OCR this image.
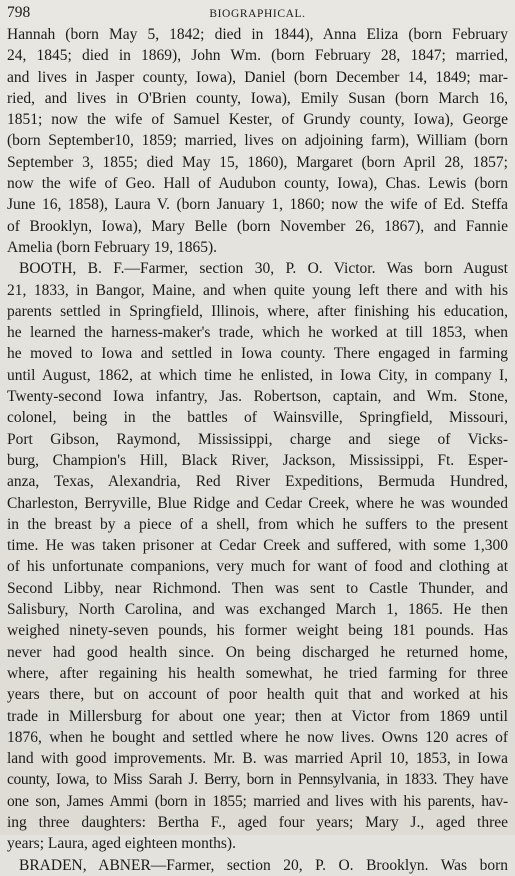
798	BIOGRAPHICAL.
Hannah (born May 5, 1842; died in 1844), Anna Eliza (born February
24, 1845; died in 1869), John Wm. (born February 28, 1847; married,
and lives in Jasper county, Iowa), Daniel (born December 14, 1849; mar-
ried, and lives in O'Brien county, Iowa), Emily Susan (born March 16,
1851; now the wife of Samuel Kester, of Grundy county, Iowa), George
(born September10, 1859; married, lives on adjoining farm), William (born
September 3, 1855; died May 15, 1860), Margaret (born April 28, 1857;
now the wife of Geo. Hall of Audubon county, Iowa), Chas. Lewis (born
June 16, 1858), Laura V. (born January 1, 1860; now the wife of Ed. Steffa
of Brooklyn, Iowa), Mary Belle (born November 26, 1867), and Fannie
Amelia (born February 19, 1865).
BOOTH, B. F.—Farmer, section 30, P. O. Victor. Was born August
21, 1833, in Bangor, Maine, and when quite young left there and with his
parents settled in Springfield, Illinois, where, after finishing his education,
he learned the harness-maker's trade, which he worked at till 1853, when
he moved to Iowa and settled in Iowa county. There engaged in farming
until August, 1862, at which time he enlisted, in Iowa City, in company I,
Twenty-second Iowa infantry, Jas. Robertson, captain, and Wm. Stone,
colonel, being in the battles of Wainsville, Springfield, Missouri,
Port Gibson, Raymond, Mississippi, charge and siege of Vicks-
burg, Champion's Hill, Black River, Jackson, Mississippi, Ft. Esper-
anza, Texas, Alexandria, Red River Expeditions, Bermuda Hundred,
Charleston, Berryville, Blue Ridge and Cedar Creek, where he was wounded
in the breast by a piece of a shell, from which he suffers to the present
time. He was taken prisoner at Cedar Creek and suffered, with some 1,300
of his unfortunate companions, very much for want of food and clothing at
Second Libby, near Richmond. Then was sent to Castle Thunder, and
Salisbury, North Carolina, and was exchanged March 1, 1865. He then
weighed ninety-seven pounds, his former weight being 181 pounds. Has
never had good health since. On being discharged he returned home,
where, after regaining his health somewhat, he tried farming for three
years there, but on account of poor health quit that and worked at his
trade in Millersburg for about one year; then at Victor from 1869 until
1876, when he bought and settled where he now lives. Owns 120 acres of
land with good improvements. Mr. B. was married April 10, 1853, in Iowa
county, Iowa, to Miss Sarah J. Berry, born in Pennsylvania, in 1833. They have
one son, James Ammi (born in 1855; married and lives with his parents, hav-
ing three daughters: Bertha F., aged four years; Mary J., aged three
years; Laura, aged eighteen months).
BRADEN, ABNER—Farmer, section 20, P. O. Brooklyn. Was born
